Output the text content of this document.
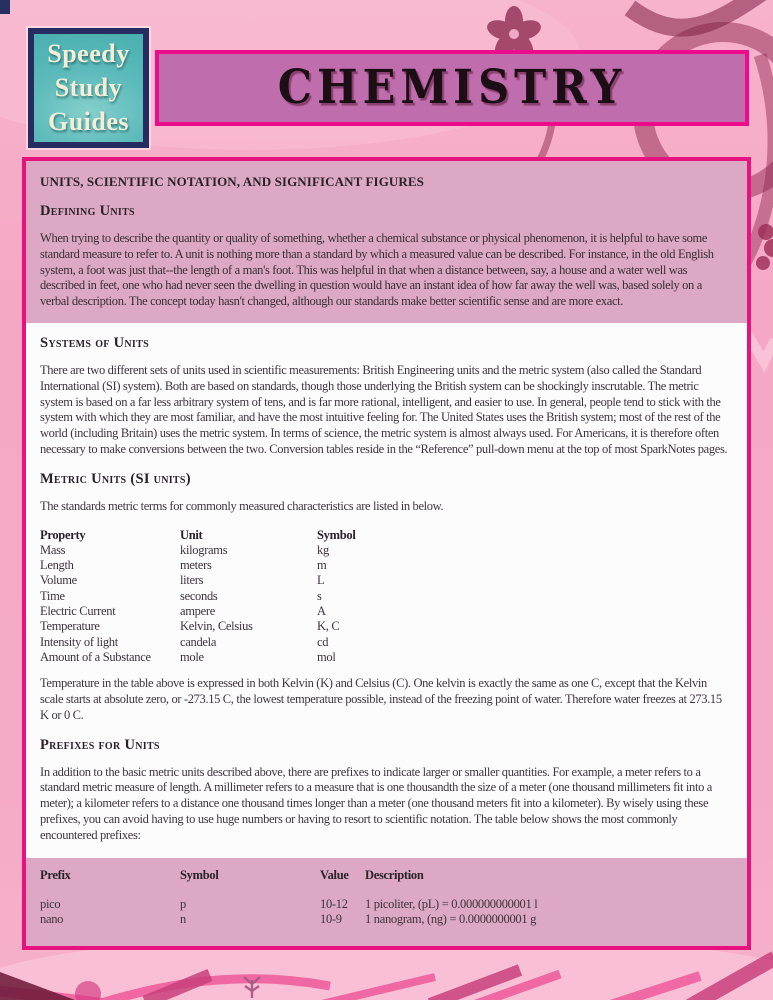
Speedy
Study
Guides
CHEMISTRY
UNITS, SCIENTIFIC NOTATION, AND SIGNIFICANT FIGURES
Defining Units

When trying to describe the quantity or quality of something, whether a chemical substance or physical phenomenon, it is helpful to have some standard measure to refer to. A unit is nothing more than a standard by which a measured value can be described. For instance, in the old English system, a foot was just that--the length of a man's foot. This was helpful in that when a distance between, say, a house and a water well was described in feet, one who had never seen the dwelling in question would have an instant idea of how far away the well was, based solely on a verbal description. The concept today hasn't changed, although our standards make better scientific sense and are more exact.

Systems of Units

There are two different sets of units used in scientific measurements: British Engineering units and the metric system (also called the Standard International (SI) system). Both are based on standards, though those underlying the British system can be shockingly inscrutable. The metric system is based on a far less arbitrary system of tens, and is far more rational, intelligent, and easier to use. In general, people tend to stick with the system with which they are most familiar, and have the most intuitive feeling for. The United States uses the British system; most of the rest of the world (including Britain) uses the metric system. In terms of science, the metric system is almost always used. For Americans, it is therefore often necessary to make conversions between the two. Conversion tables reside in the “Reference” pull-down menu at the top of most SparkNotes pages.

Metric Units (SI units)

The standards metric terms for commonly measured characteristics are listed in below.

Property	Unit	Symbol
Mass	kilograms	kg
Length	meters	m
Volume	liters	L
Time	seconds	s
Electric Current	ampere	A
Temperature	Kelvin, Celsius	K, C
Intensity of light	candela	cd
Amount of a Substance	mole	mol

Temperature in the table above is expressed in both Kelvin (K) and Celsius (C). One kelvin is exactly the same as one C, except that the Kelvin scale starts at absolute zero, or -273.15 C, the lowest temperature possible, instead of the freezing point of water. Therefore water freezes at 273.15 K or 0 C.

Prefixes for Units

In addition to the basic metric units described above, there are prefixes to indicate larger or smaller quantities. For example, a meter refers to a standard metric measure of length. A millimeter refers to a measure that is one thousandth the size of a meter (one thousand millimeters fit into a meter); a kilometer refers to a distance one thousand times longer than a meter (one thousand meters fit into a kilometer). By wisely using these prefixes, you can avoid having to use huge numbers or having to resort to scientific notation. The table below shows the most commonly encountered prefixes:

Prefix	Symbol	Value	Description
pico	p	10-12	1 picoliter, (pL) = 0.000000000001 l
nano	n	10-9	1 nanogram, (ng) = 0.0000000001 g
